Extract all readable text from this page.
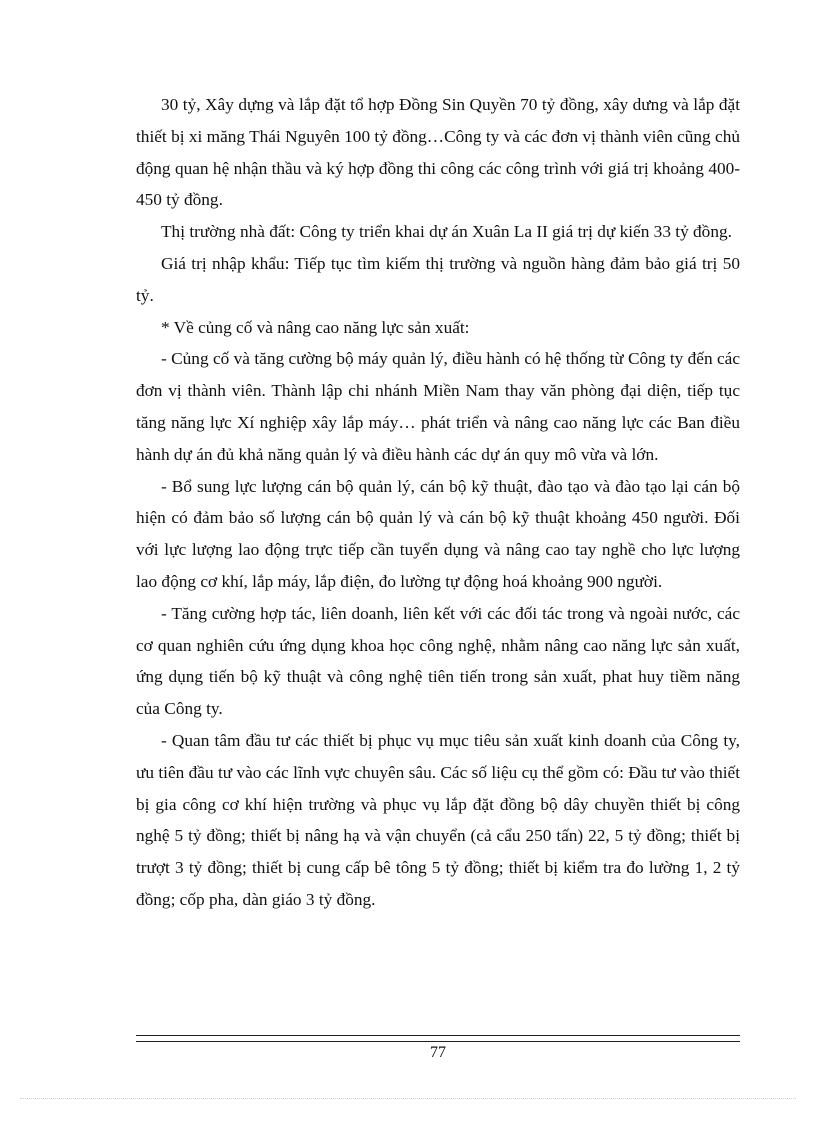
30 tỷ, Xây dựng và lắp đặt tổ hợp Đồng Sin Quyền 70 tỷ đồng, xây dưng và lắp đặt thiết bị xi măng Thái Nguyên 100 tỷ đồng…Công ty và các đơn vị thành viên cũng chủ động quan hệ nhận thầu và ký hợp đồng thi công các công trình với giá trị khoảng 400- 450 tỷ đồng.

Thị trường nhà đất: Công ty triển khai dự án Xuân La II giá trị dự kiến 33 tỷ đồng.

Giá trị nhập khẩu: Tiếp tục tìm kiếm thị trường và nguồn hàng đảm bảo giá trị 50 tỷ.

* Về củng cố và nâng cao năng lực sản xuất:

- Củng cố và tăng cường bộ máy quản lý, điều hành có hệ thống từ Công ty đến các đơn vị thành viên. Thành lập chi nhánh Miền Nam thay văn phòng đại diện, tiếp tục tăng năng lực Xí nghiệp xây lắp máy… phát triển và nâng cao năng lực các Ban điều hành dự án đủ khả năng quản lý và điều hành các dự án quy mô vừa và lớn.

- Bổ sung lực lượng cán bộ quản lý, cán bộ kỹ thuật, đào tạo và đào tạo lại cán bộ hiện có đảm bảo số lượng cán bộ quản lý và cán bộ kỹ thuật khoảng 450 người. Đối với lực lượng lao động trực tiếp cần tuyển dụng và nâng cao tay nghề cho lực lượng lao động cơ khí, lắp máy, lắp điện, đo lường tự động hoá khoảng 900 người.

- Tăng cường hợp tác, liên doanh, liên kết với các đối tác trong và ngoài nước, các cơ quan nghiên cứu ứng dụng khoa học công nghệ, nhằm nâng cao năng lực sản xuất, ứng dụng tiến bộ kỹ thuật và công nghệ tiên tiến trong sản xuất, phat huy tiềm năng của Công ty.

- Quan tâm đầu tư các thiết bị phục vụ mục tiêu sản xuất kinh doanh của Công ty, ưu tiên đầu tư vào các lĩnh vực chuyên sâu. Các số liệu cụ thể gồm có: Đầu tư vào thiết bị gia công cơ khí hiện trường và phục vụ lắp đặt đồng bộ dây chuyền thiết bị công nghệ 5 tỷ đồng; thiết bị nâng hạ và vận chuyển (cả cẩu 250 tấn) 22, 5 tỷ đồng; thiết bị trượt 3 tỷ đồng; thiết bị cung cấp bê tông 5 tỷ đồng; thiết bị kiểm tra đo lường 1, 2 tỷ đồng; cốp pha, dàn giáo 3 tỷ đồng.

77
